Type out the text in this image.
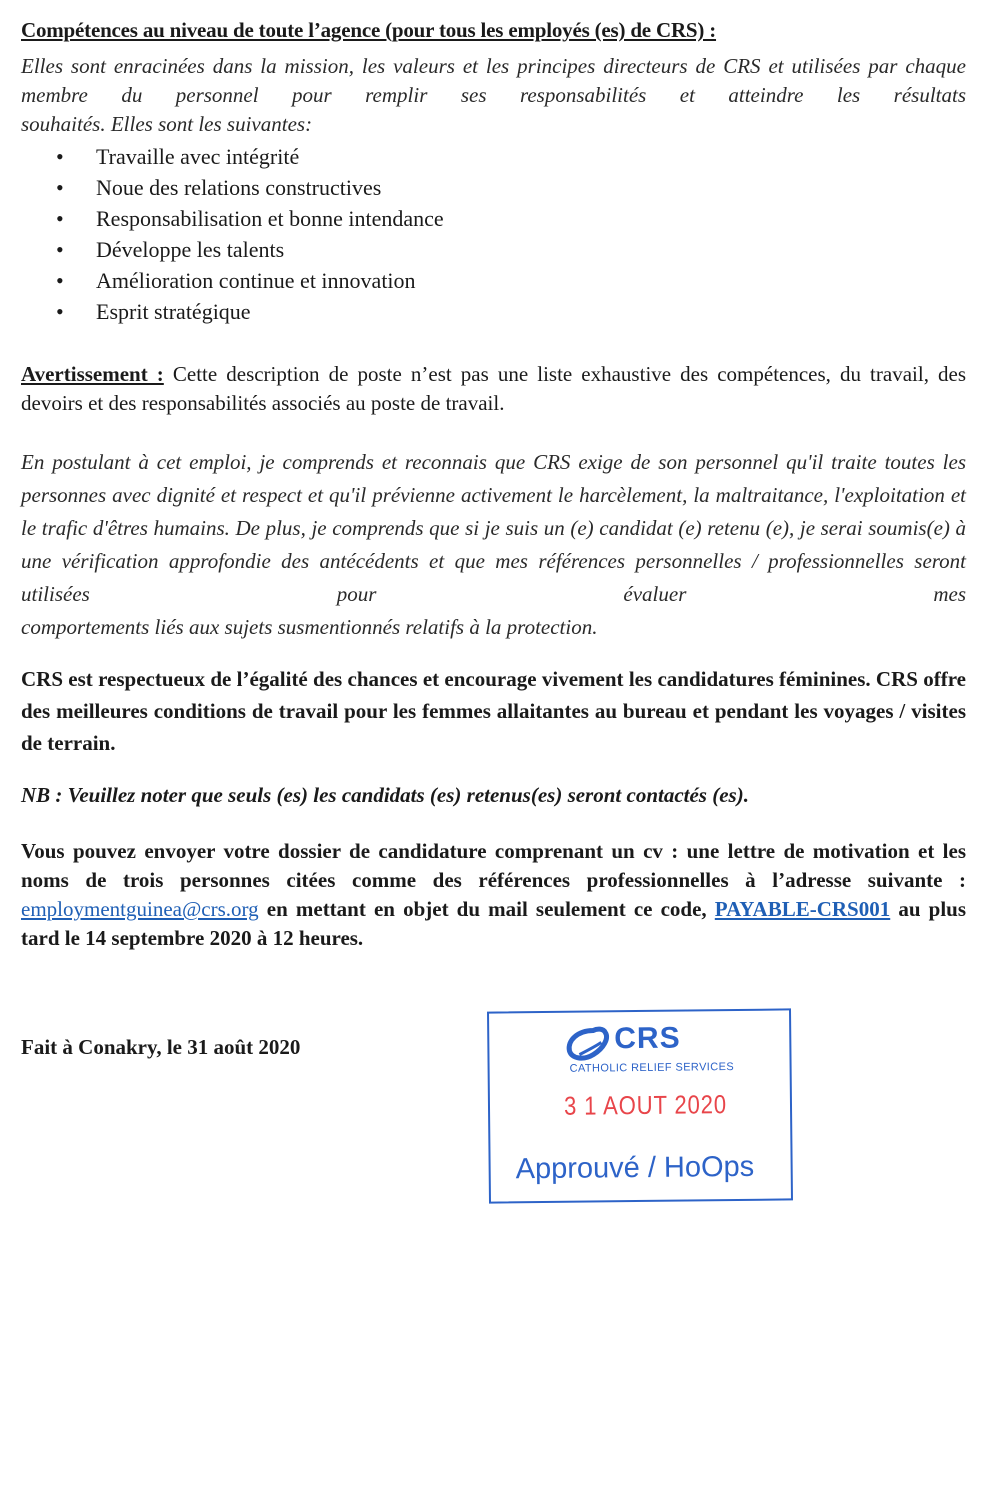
Compétences au niveau de toute l’agence (pour tous les employés (es) de CRS) :
Elles sont enracinées dans la mission, les valeurs et les principes directeurs de CRS et utilisées par chaque membre du personnel pour remplir ses responsabilités et atteindre les résultats
souhaités. Elles sont les suivantes:
• Travaille avec intégrité
• Noue des relations constructives
• Responsabilisation et bonne intendance
• Développe les talents
• Amélioration continue et innovation
• Esprit stratégique
Avertissement : Cette description de poste n’est pas une liste exhaustive des compétences, du travail, des devoirs et des responsabilités associés au poste de travail.
En postulant à cet emploi, je comprends et reconnais que CRS exige de son personnel qu'il traite toutes les personnes avec dignité et respect et qu'il prévienne activement le harcèlement, la maltraitance, l'exploitation et le trafic d'êtres humains. De plus, je comprends que si je suis un (e) candidat (e) retenu (e), je serai soumis(e) à une vérification approfondie des antécédents et que mes références personnelles / professionnelles seront utilisées pour évaluer mes
comportements liés aux sujets susmentionnés relatifs à la protection.
CRS est respectueux de l’égalité des chances et encourage vivement les candidatures féminines. CRS offre des meilleures conditions de travail pour les femmes allaitantes au bureau et pendant les voyages / visites de terrain.
NB : Veuillez noter que seuls (es) les candidats (es) retenus(es) seront contactés (es).
Vous pouvez envoyer votre dossier de candidature comprenant un cv : une lettre de motivation et les noms de trois personnes citées comme des références professionnelles à l’adresse suivante : employmentguinea@crs.org en mettant en objet du mail seulement ce code, PAYABLE-CRS001 au plus tard le 14 septembre 2020 à 12 heures.
Fait à Conakry, le 31 août 2020	CRS
CATHOLIC RELIEF SERVICES
3 1 AOUT 2020
Approuvé / HoOps
